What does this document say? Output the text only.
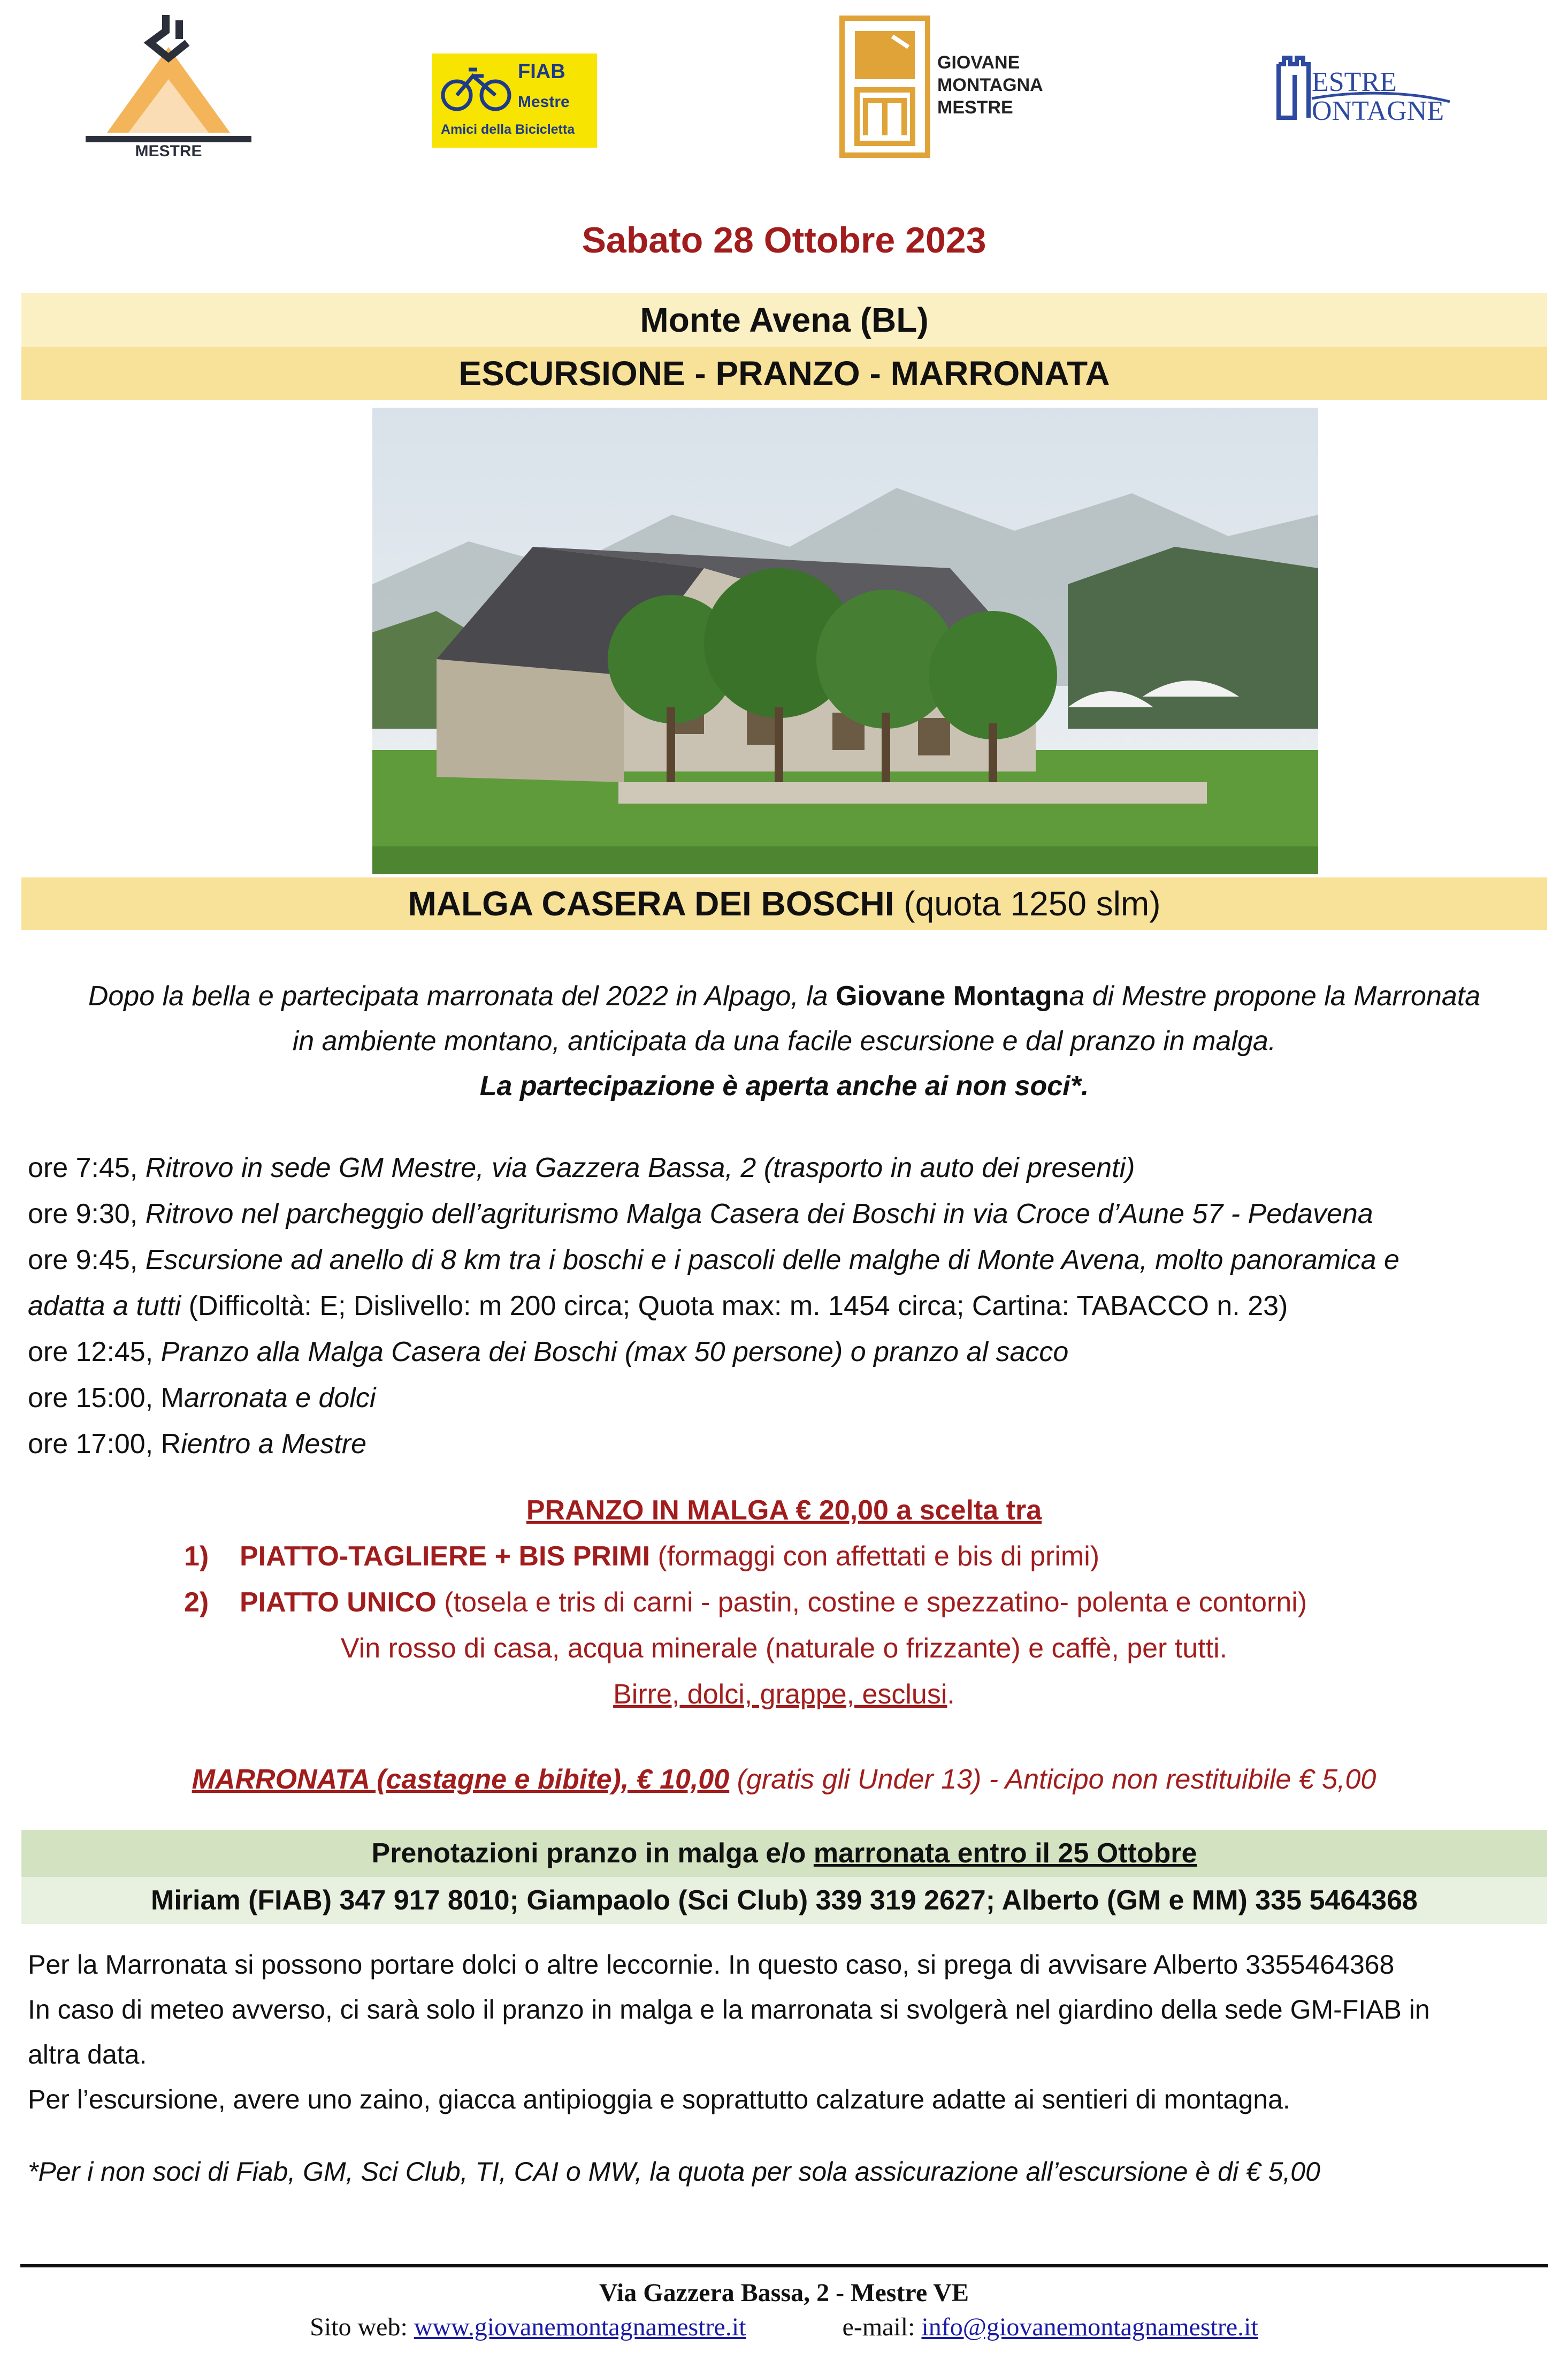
MESTRE
FIAB
Mestre
Amici della Bicicletta
GIOVANE
MONTAGNA
MESTRE
ESTRE
ONTAGNE
Sabato 28 Ottobre 2023
Monte Avena (BL)
ESCURSIONE - PRANZO - MARRONATA
MALGA CASERA DEI BOSCHI (quota 1250 slm)
Dopo la bella e partecipata marronata del 2022 in Alpago, la Giovane Montagna di Mestre propone la Marronata
in ambiente montano, anticipata da una facile escursione e dal pranzo in malga.
La partecipazione è aperta anche ai non soci*.
ore 7:45, Ritrovo in sede GM Mestre, via Gazzera Bassa, 2 (trasporto in auto dei presenti)
ore 9:30, Ritrovo nel parcheggio dell’agriturismo Malga Casera dei Boschi in via Croce d’Aune 57 - Pedavena
ore 9:45, Escursione ad anello di 8 km tra i boschi e i pascoli delle malghe di Monte Avena, molto panoramica e
adatta a tutti (Difficoltà: E; Dislivello: m 200 circa; Quota max: m. 1454 circa; Cartina: TABACCO n. 23)
ore 12:45, Pranzo alla Malga Casera dei Boschi (max 50 persone) o pranzo al sacco
ore 15:00, Marronata e dolci
ore 17:00, Rientro a Mestre
PRANZO IN MALGA € 20,00 a scelta tra
1) PIATTO-TAGLIERE + BIS PRIMI (formaggi con affettati e bis di primi)
2) PIATTO UNICO (tosela e tris di carni - pastin, costine e spezzatino- polenta e contorni)
Vin rosso di casa, acqua minerale (naturale o frizzante) e caffè, per tutti.
Birre, dolci, grappe, esclusi.
MARRONATA (castagne e bibite), € 10,00 (gratis gli Under 13) - Anticipo non restituibile € 5,00
Prenotazioni pranzo in malga e/o marronata entro il 25 Ottobre
Miriam (FIAB) 347 917 8010; Giampaolo (Sci Club) 339 319 2627; Alberto (GM e MM) 335 5464368
Per la Marronata si possono portare dolci o altre leccornie. In questo caso, si prega di avvisare Alberto 3355464368
In caso di meteo avverso, ci sarà solo il pranzo in malga e la marronata si svolgerà nel giardino della sede GM-FIAB in
altra data.
Per l’escursione, avere uno zaino, giacca antipioggia e soprattutto calzature adatte ai sentieri di montagna.
*Per i non soci di Fiab, GM, Sci Club, TI, CAI o MW, la quota per sola assicurazione all’escursione è di € 5,00
Via Gazzera Bassa, 2 - Mestre VE
Sito web: www.giovanemontagnamestre.it	e-mail: info@giovanemontagnamestre.it
